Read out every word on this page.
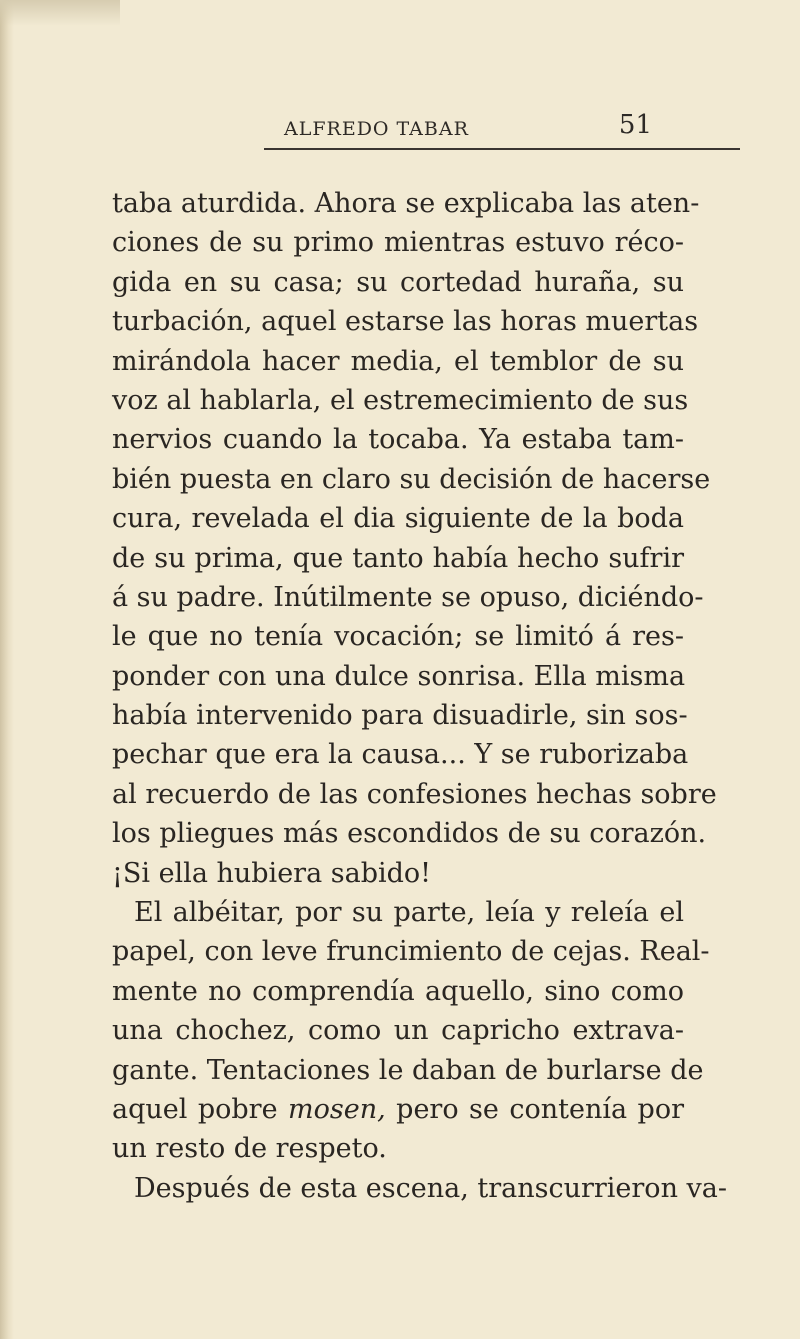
ALFREDO TABAR	51
taba aturdida. Ahora se explicaba las aten-
ciones de su primo mientras estuvo réco-
gida en su casa; su cortedad huraña, su
turbación, aquel estarse las horas muertas
mirándola hacer media, el temblor de su
voz al hablarla, el estremecimiento de sus
nervios cuando la tocaba. Ya estaba tam-
bién puesta en claro su decisión de hacerse
cura, revelada el dia siguiente de la boda
de su prima, que tanto había hecho sufrir
á su padre. Inútilmente se opuso, diciéndo-
le que no tenía vocación; se limitó á res-
ponder con una dulce sonrisa. Ella misma
había intervenido para disuadirle, sin sos-
pechar que era la causa... Y se ruborizaba
al recuerdo de las confesiones hechas sobre
los pliegues más escondidos de su corazón.
¡Si ella hubiera sabido!
El albéitar, por su parte, leía y releía el
papel, con leve fruncimiento de cejas. Real-
mente no comprendía aquello, sino como
una chochez, como un capricho extrava-
gante. Tentaciones le daban de burlarse de
aquel pobre mosen, pero se contenía por
un resto de respeto.
Después de esta escena, transcurrieron va-
